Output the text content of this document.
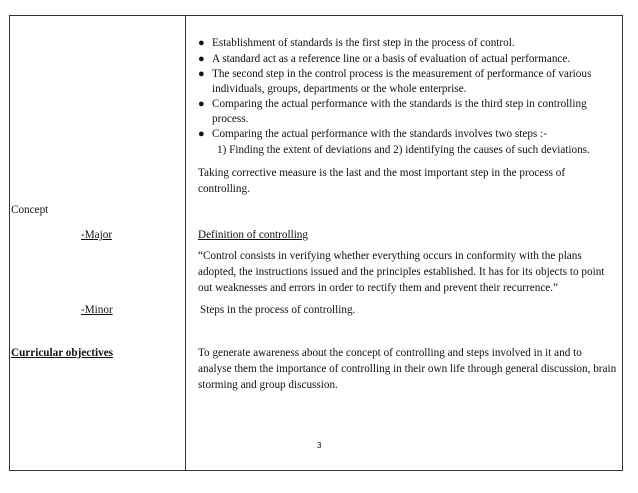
Concept
-Major
-Minor
Curricular objectives
● Establishment of standards is the first step in the process of control.
● A standard act as a reference line or a basis of evaluation of actual performance.
● The second step in the control process is the measurement of performance of various
individuals, groups, departments or the whole enterprise.
● Comparing the actual performance with the standards is the third step in controlling
process.
● Comparing the actual performance with the standards involves two steps :-
1) Finding the extent of deviations and 2) identifying the causes of such deviations.
Taking corrective measure is the last and the most important step in the process of
controlling.
Definition of controlling
“Control consists in verifying whether everything occurs in conformity with the plans
adopted, the instructions issued and the principles established. It has for its objects to point
out weaknesses and errors in order to rectify them and prevent their recurrence.”
Steps in the process of controlling.
To generate awareness about the concept of controlling and steps involved in it and to
analyse them the importance of controlling in their own life through general discussion, brain
storming and group discussion.
3
